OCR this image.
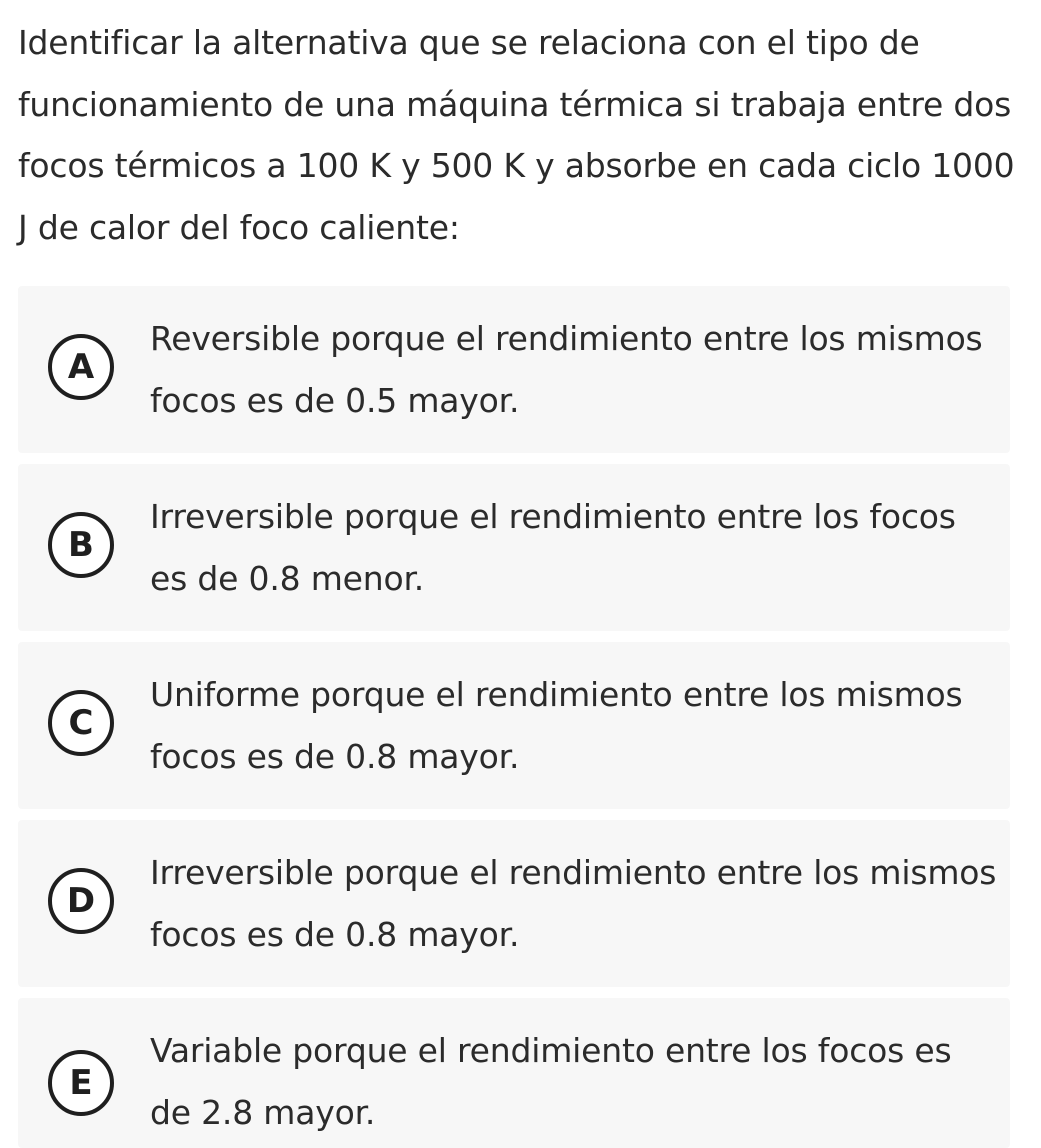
Identificar la alternativa que se relaciona con el tipo de funcionamiento de una máquina térmica si trabaja entre dos focos térmicos a 100 K y 500 K y absorbe en cada ciclo 1000 J de calor del foco caliente:
A
Reversible porque el rendimiento entre los mismos focos es de 0.5 mayor.
B
Irreversible porque el rendimiento entre los focos es de 0.8 menor.
C
Uniforme porque el rendimiento entre los mismos focos es de 0.8 mayor.
D
Irreversible porque el rendimiento entre los mismos focos es de 0.8 mayor.
E
Variable porque el rendimiento entre los focos es de 2.8 mayor.
